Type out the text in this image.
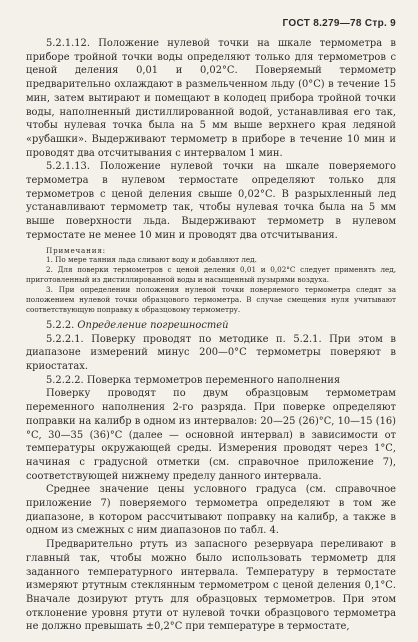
ГОСТ 8.279—78 Стр. 9

5.2.1.12. Положение нулевой точки на шкале термометра в приборе тройной точки воды определяют только для термометров с ценой деления 0,01 и 0,02°С. Поверяемый термометр предварительно охлаждают в размельченном льду (0°С) в течение 15 мин, затем вытирают и помещают в колодец прибора тройной точки воды, наполненный дистиллированной водой, устанавливая его так, чтобы нулевая точка была на 5 мм выше верхнего края ледяной «рубашки». Выдерживают термометр в приборе в течение 10 мин и проводят два отсчитывания с интервалом 1 мин.

5.2.1.13. Положение нулевой точки на шкале поверяемого термометра в нулевом термостате определяют только для термометров с ценой деления свыше 0,02°С. В разрыхленный лед устанавливают термометр так, чтобы нулевая точка была на 5 мм выше поверхности льда. Выдерживают термометр в нулевом термостате не менее 10 мин и проводят два отсчитывания.

Примечания:

1. По мере таяния льда сливают воду и добавляют лед.

2. Для поверки термометров с ценой деления 0,01 и 0,02°С следует применять лед, приготовленный из дистиллированной воды и насыщенный пузырями воздуха.

3. При определении положения нулевой точки поверяемого термометра следят за положением нулевой точки образцового термометра. В случае смещения нуля учитывают соответствующую поправку к образцовому термометру.

5.2.2. Определение погрешностей

5.2.2.1. Поверку проводят по методике п. 5.2.1. При этом в диапазоне измерений минус 200—0°С термометры поверяют в криостатах.

5.2.2.2. Поверка термометров переменного наполнения

Поверку проводят по двум образцовым термометрам переменного наполнения 2-го разряда. При поверке определяют поправки на калибр в одном из интервалов: 20—25 (26)°С, 10—15 (16)°С, 30—35 (36)°С (далее — основной интервал) в зависимости от температуры окружающей среды. Измерения проводят через 1°С, начиная с градусной отметки (см. справочное приложение 7), соответствующей нижнему пределу данного интервала.

Среднее значение цены условного градуса (см. справочное приложение 7) поверяемого термометра определяют в том же диапазоне, в котором рассчитывают поправку на калибр, а также в одном из смежных с ним диапазонов по табл. 4.

Предварительно ртуть из запасного резервуара переливают в главный так, чтобы можно было использовать термометр для заданного температурного интервала. Температуру в термостате измеряют ртутным стеклянным термометром с ценой деления 0,1°С. Вначале дозируют ртуть для образцовых термометров. При этом отклонение уровня ртути от нулевой точки образцового термометра не должно превышать ±0,2°С при температуре в термостате,
